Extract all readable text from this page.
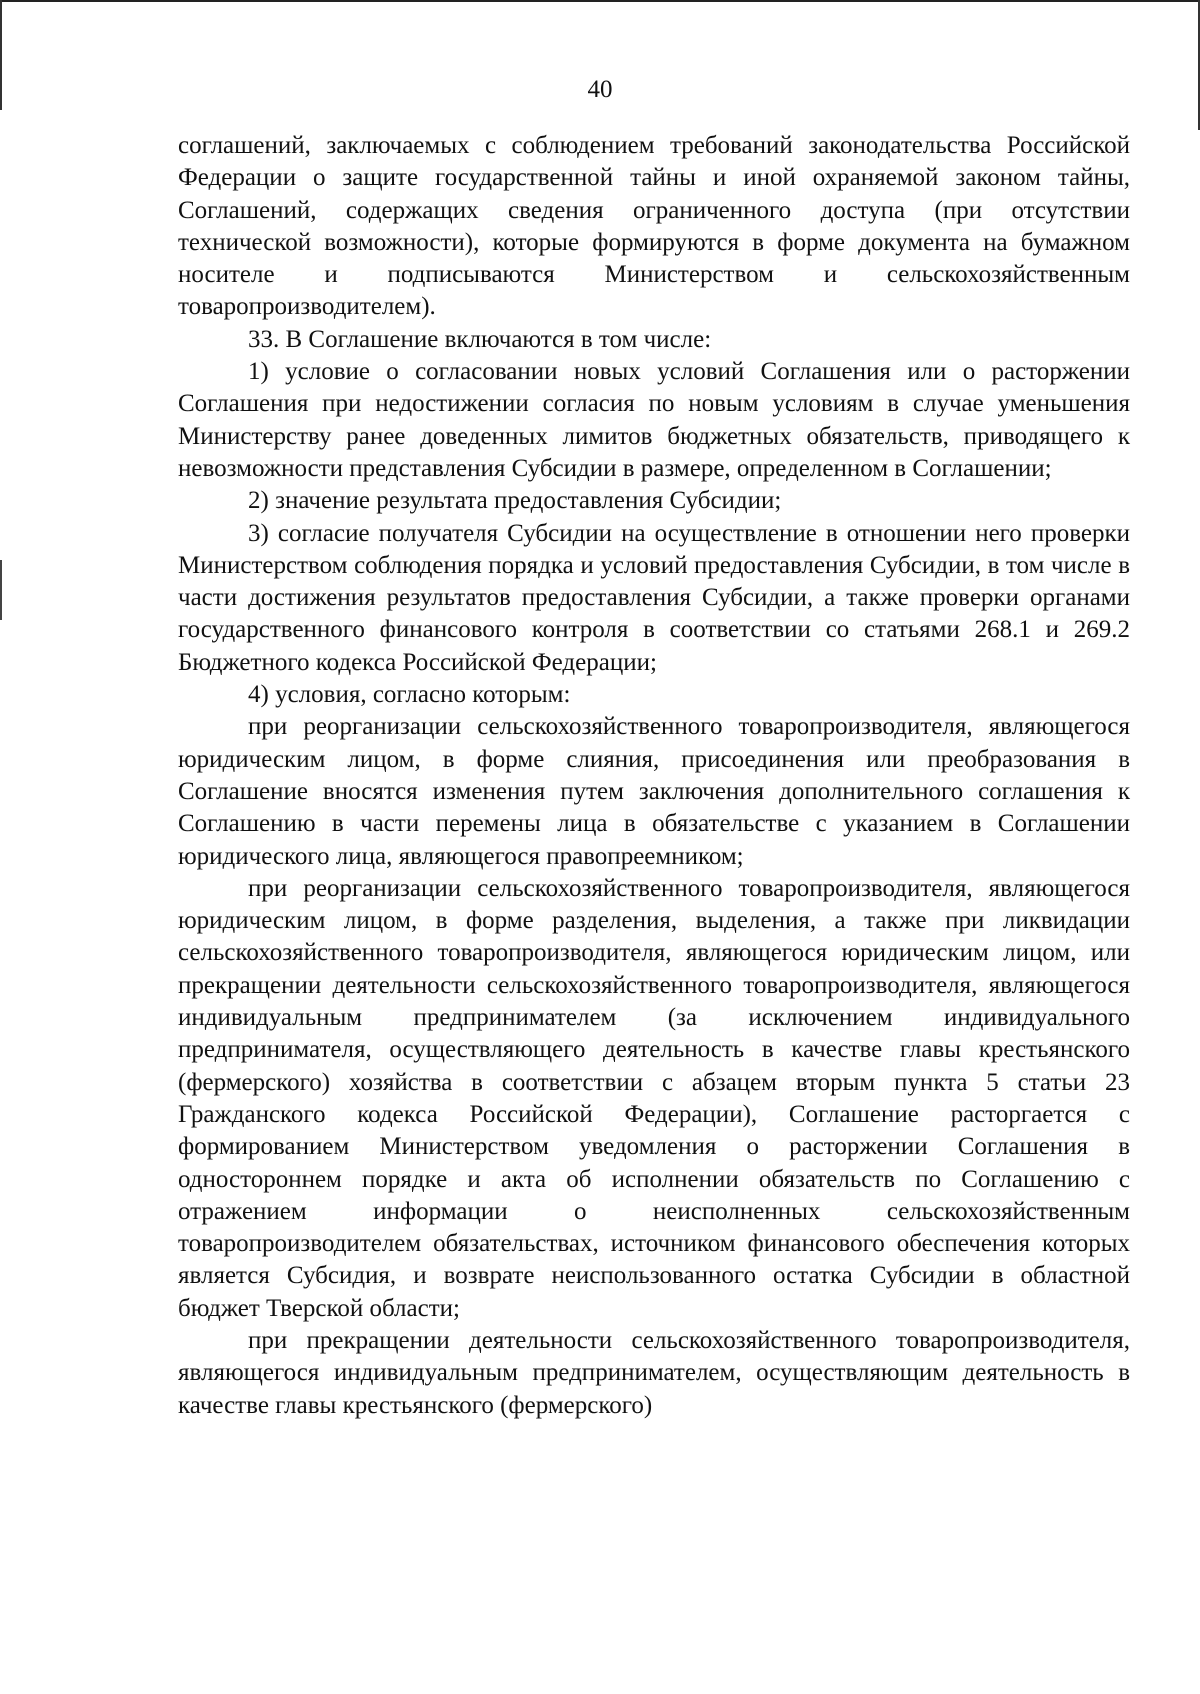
40

соглашений, заключаемых с соблюдением требований законодательства Российской Федерации о защите государственной тайны и иной охраняемой законом тайны, Соглашений, содержащих сведения ограниченного доступа (при отсутствии технической возможности), которые формируются в форме документа на бумажном носителе и подписываются Министерством и сельскохозяйственным товаропроизводителем).

33. В Соглашение включаются в том числе:

1) условие о согласовании новых условий Соглашения или о расторжении Соглашения при недостижении согласия по новым условиям в случае уменьшения Министерству ранее доведенных лимитов бюджетных обязательств, приводящего к невозможности представления Субсидии в размере, определенном в Соглашении;

2) значение результата предоставления Субсидии;

3) согласие получателя Субсидии на осуществление в отношении него проверки Министерством соблюдения порядка и условий предоставления Субсидии, в том числе в части достижения результатов предоставления Субсидии, а также проверки органами государственного финансового контроля в соответствии со статьями 268.1 и 269.2 Бюджетного кодекса Российской Федерации;

4) условия, согласно которым:

при реорганизации сельскохозяйственного товаропроизводителя, являющегося юридическим лицом, в форме слияния, присоединения или преобразования в Соглашение вносятся изменения путем заключения дополнительного соглашения к Соглашению в части перемены лица в обязательстве с указанием в Соглашении юридического лица, являющегося правопреемником;

при реорганизации сельскохозяйственного товаропроизводителя, являющегося юридическим лицом, в форме разделения, выделения, а также при ликвидации сельскохозяйственного товаропроизводителя, являющегося юридическим лицом, или прекращении деятельности сельскохозяйственного товаропроизводителя, являющегося индивидуальным предпринимателем (за исключением индивидуального предпринимателя, осуществляющего деятельность в качестве главы крестьянского (фермерского) хозяйства в соответствии с абзацем вторым пункта 5 статьи 23 Гражданского кодекса Российской Федерации), Соглашение расторгается с формированием Министерством уведомления о расторжении Соглашения в одностороннем порядке и акта об исполнении обязательств по Соглашению с отражением информации о неисполненных сельскохозяйственным товаропроизводителем обязательствах, источником финансового обеспечения которых является Субсидия, и возврате неиспользованного остатка Субсидии в областной бюджет Тверской области;

при прекращении деятельности сельскохозяйственного товаропроизводителя, являющегося индивидуальным предпринимателем, осуществляющим деятельность в качестве главы крестьянского (фермерского)
